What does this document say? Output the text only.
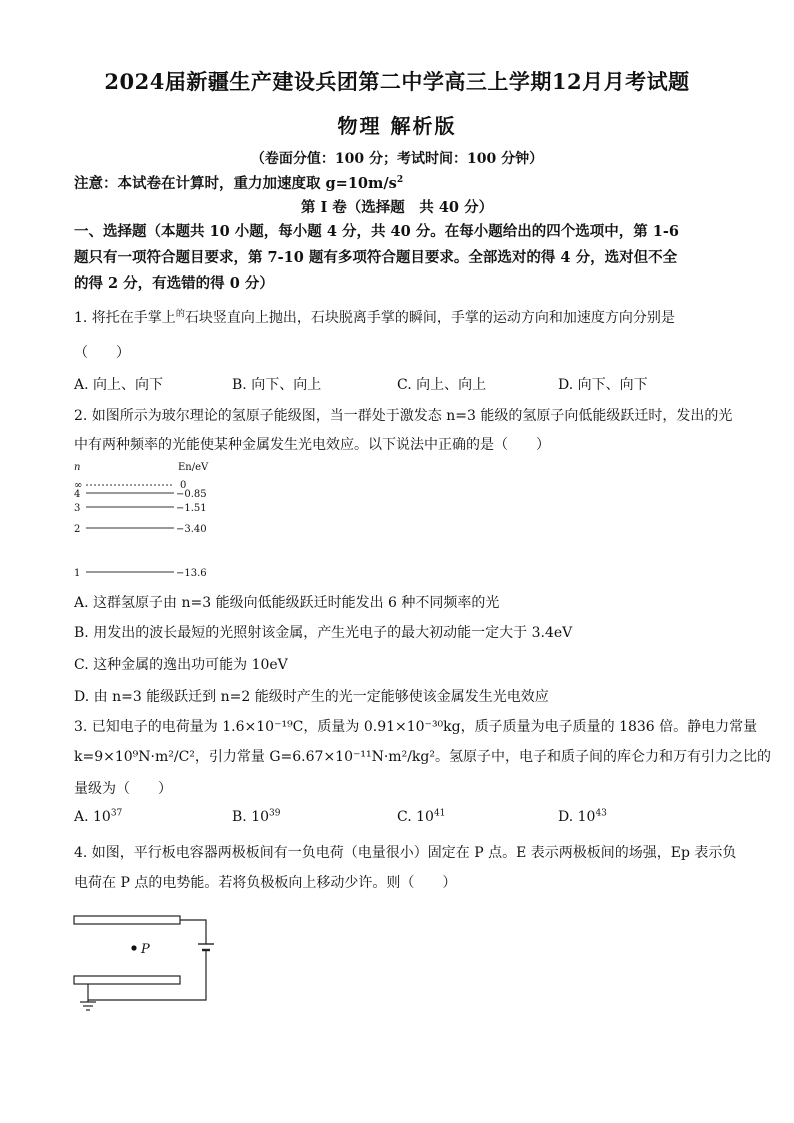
2024届新疆生产建设兵团第二中学高三上学期12月月考试题
物理 解析版
（卷面分值：100 分；考试时间：100 分钟）
注意：本试卷在计算时，重力加速度取 $g=10m/s^2$
第 I 卷（选择题　共 40 分）
一、选择题（本题共 10 小题，每小题 4 分，共 40 分。在每小题给出的四个选项中，第 1-6
题只有一项符合题目要求，第 7-10 题有多项符合题目要求。全部选对的得 4 分，选对但不全
的得 2 分，有选错的得 0 分）
1. 将托在手掌上$^的$石块竖直向上抛出，石块脱离手掌的瞬间，手掌的运动方向和加速度方向分别是
（　　）
A. 向上、向下	B. 向下、向上	C. 向上、向上	D. 向下、向下
2. 如图所示为玻尔理论的氢原子能级图，当一群处于激发态 n=3 能级的氢原子向低能级跃迁时，发出的光
中有两种频率的光能使某种金属发生光电效应。以下说法中正确的是（　　）
n	En/eV
∞	0
4	−0.85
3	−1.51
2	−3.40
1	−13.6
A. 这群氢原子由 n=3 能级向低能级跃迁时能发出 6 种不同频率的光
B. 用发出的波长最短的光照射该金属，产生光电子的最大初动能一定大于 3.4eV
C. 这种金属的逸出功可能为 10eV
D. 由 n=3 能级跃迁到 n=2 能级时产生的光一定能够使该金属发生光电效应
3. 已知电子的电荷量为 1.6×10⁻¹⁹C，质量为 0.91×10⁻³⁰kg，质子质量为电子质量的 1836 倍。静电力常量
k=9×10⁹N·m²/C²，引力常量 G=6.67×10⁻¹¹N·m²/kg²。氢原子中，电子和质子间的库仑力和万有引力之比的
量级为（　　）
A. $10^{37}$	B. $10^{39}$	C. $10^{41}$	D. $10^{43}$
4. 如图，平行板电容器两极板间有一负电荷（电量很小）固定在 P 点。E 表示两极板间的场强，Ep 表示负
电荷在 P 点的电势能。若将负极板向上移动少许。则（　　）
P
